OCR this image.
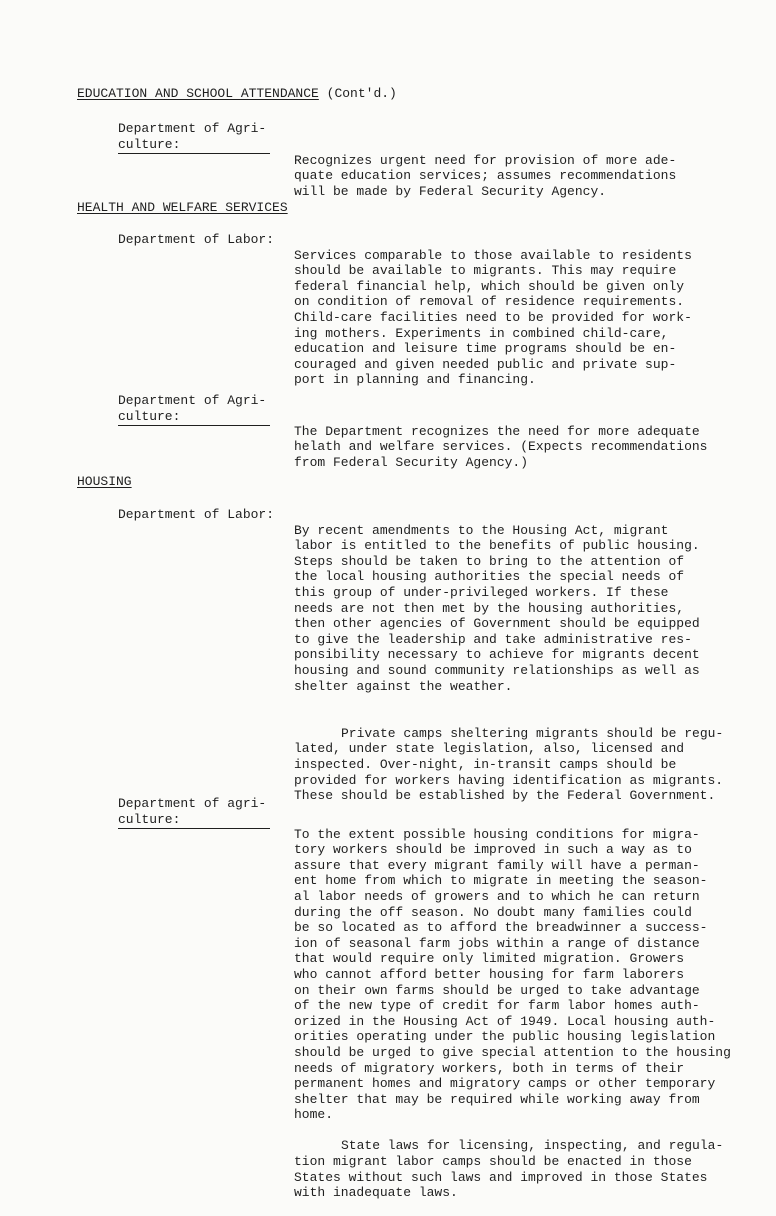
EDUCATION AND SCHOOL ATTENDANCE (Cont'd.)
Department of Agri-
culture:

Recognizes urgent need for provision of more ade-
quate education services; assumes recommendations
will be made by Federal Security Agency.

HEALTH AND WELFARE SERVICES
Department of Labor:

Services comparable to those available to residents
should be available to migrants. This may require
federal financial help, which should be given only
on condition of removal of residence requirements.
Child-care facilities need to be provided for work-
ing mothers. Experiments in combined child-care,
education and leisure time programs should be en-
couraged and given needed public and private sup-
port in planning and financing.

Department of Agri-
culture:

The Department recognizes the need for more adequate
helath and welfare services. (Expects recommendations
from Federal Security Agency.)

HOUSING
Department of Labor:

By recent amendments to the Housing Act, migrant
labor is entitled to the benefits of public housing.
Steps should be taken to bring to the attention of
the local housing authorities the special needs of
this group of under-privileged workers. If these
needs are not then met by the housing authorities,
then other agencies of Government should be equipped
to give the leadership and take administrative res-
ponsibility necessary to achieve for migrants decent
housing and sound community relationships as well as
shelter against the weather.

Private camps sheltering migrants should be regu-
lated, under state legislation, also, licensed and
inspected. Over-night, in-transit camps should be
provided for workers having identification as migrants.
These should be established by the Federal Government.

Department of agri-
culture:

To the extent possible housing conditions for migra-
tory workers should be improved in such a way as to
assure that every migrant family will have a perman-
ent home from which to migrate in meeting the season-
al labor needs of growers and to which he can return
during the off season. No doubt many families could
be so located as to afford the breadwinner a success-
ion of seasonal farm jobs within a range of distance
that would require only limited migration. Growers
who cannot afford better housing for farm laborers
on their own farms should be urged to take advantage
of the new type of credit for farm labor homes auth-
orized in the Housing Act of 1949. Local housing auth-
orities operating under the public housing legislation
should be urged to give special attention to the housing
needs of migratory workers, both in terms of their
permanent homes and migratory camps or other temporary
shelter that may be required while working away from
home.

State laws for licensing, inspecting, and regula-
tion migrant labor camps should be enacted in those
States without such laws and improved in those States
with inadequate laws.
